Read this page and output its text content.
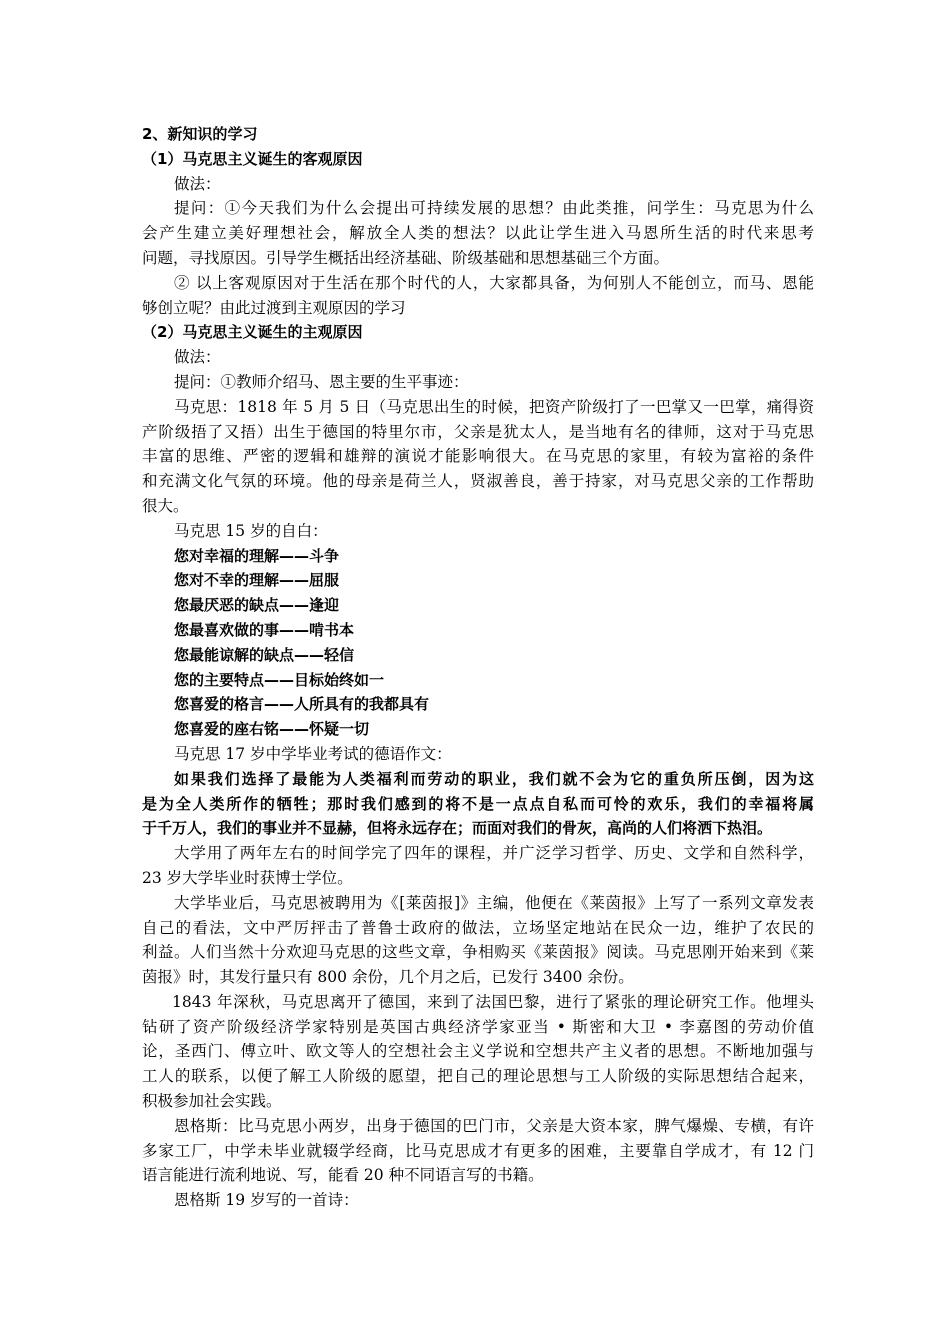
2、新知识的学习
（1）马克思主义诞生的客观原因
做法：
提问：①今天我们为什么会提出可持续发展的思想？由此类推，问学生：马克思为什么
会产生建立美好理想社会，解放全人类的想法？以此让学生进入马恩所生活的时代来思考
问题，寻找原因。引导学生概括出经济基础、阶级基础和思想基础三个方面。
② 以上客观原因对于生活在那个时代的人，大家都具备，为何别人不能创立，而马、恩能
够创立呢？由此过渡到主观原因的学习
（2）马克思主义诞生的主观原因
做法：
提问：①教师介绍马、恩主要的生平事迹：
马克思：1818 年 5 月 5 日（马克思出生的时候，把资产阶级打了一巴掌又一巴掌，痛得资
产阶级捂了又捂）出生于德国的特里尔市，父亲是犹太人，是当地有名的律师，这对于马克思
丰富的思维、严密的逻辑和雄辩的演说才能影响很大。在马克思的家里，有较为富裕的条件
和充满文化气氛的环境。他的母亲是荷兰人，贤淑善良，善于持家，对马克思父亲的工作帮助
很大。
马克思 15 岁的自白：
您对幸福的理解——斗争
您对不幸的理解——屈服
您最厌恶的缺点——逢迎
您最喜欢做的事——啃书本
您最能谅解的缺点——轻信
您的主要特点——目标始终如一
您喜爱的格言——人所具有的我都具有
您喜爱的座右铭——怀疑一切
马克思 17 岁中学毕业考试的德语作文：
如果我们选择了最能为人类福利而劳动的职业，我们就不会为它的重负所压倒，因为这
是为全人类所作的牺牲；那时我们感到的将不是一点点自私而可怜的欢乐，我们的幸福将属
于千万人，我们的事业并不显赫，但将永远存在；而面对我们的骨灰，高尚的人们将洒下热泪。
大学用了两年左右的时间学完了四年的课程，并广泛学习哲学、历史、文学和自然科学，
23 岁大学毕业时获博士学位。
大学毕业后，马克思被聘用为《[莱茵报]》主编，他便在《莱茵报》上写了一系列文章发表
自己的看法，文中严厉抨击了普鲁士政府的做法，立场坚定地站在民众一边，维护了农民的
利益。人们当然十分欢迎马克思的这些文章，争相购买《莱茵报》阅读。马克思刚开始来到《莱
茵报》时，其发行量只有 800 余份，几个月之后，已发行 3400 余份。
1843 年深秋，马克思离开了德国，来到了法国巴黎，进行了紧张的理论研究工作。他埋头
钻研了资产阶级经济学家特别是英国古典经济学家亚当 • 斯密和大卫 • 李嘉图的劳动价值
论，圣西门、傅立叶、欧文等人的空想社会主义学说和空想共产主义者的思想。不断地加强与
工人的联系，以便了解工人阶级的愿望，把自己的理论思想与工人阶级的实际思想结合起来，
积极参加社会实践。
恩格斯：比马克思小两岁，出身于德国的巴门市，父亲是大资本家，脾气爆燥、专横，有许
多家工厂，中学未毕业就辍学经商，比马克思成才有更多的困难，主要靠自学成才，有 12 门
语言能进行流利地说、写，能看 20 种不同语言写的书籍。
恩格斯 19 岁写的一首诗：
